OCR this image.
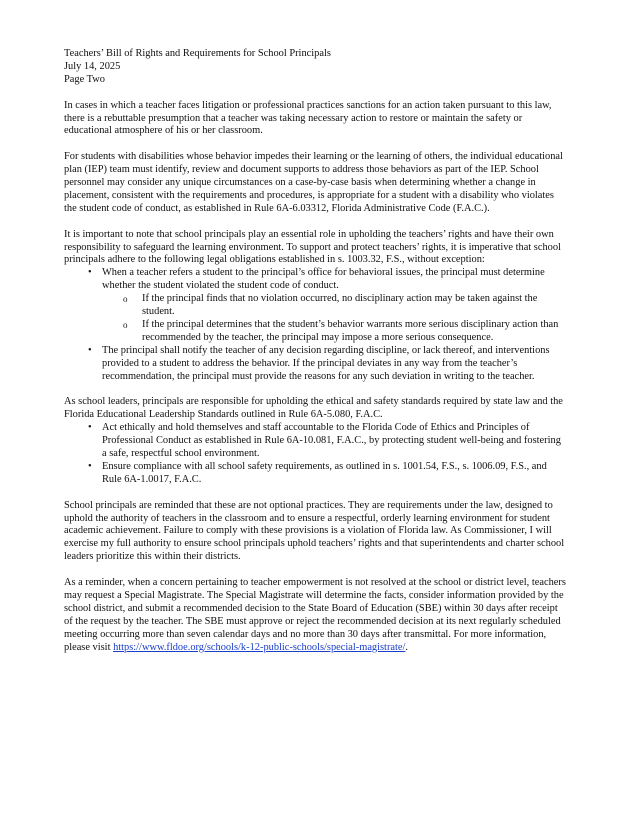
Teachers’ Bill of Rights and Requirements for School Principals
July 14, 2025
Page Two

In cases in which a teacher faces litigation or professional practices sanctions for an action taken pursuant to this law, there is a rebuttable presumption that a teacher was taking necessary action to restore or maintain the safety or educational atmosphere of his or her classroom.

For students with disabilities whose behavior impedes their learning or the learning of others, the individual educational plan (IEP) team must identify, review and document supports to address those behaviors as part of the IEP. School personnel may consider any unique circumstances on a case-by-case basis when determining whether a change in placement, consistent with the requirements and procedures, is appropriate for a student with a disability who violates the student code of conduct, as established in Rule 6A-6.03312, Florida Administrative Code (F.A.C.).

It is important to note that school principals play an essential role in upholding the teachers’ rights and have their own responsibility to safeguard the learning environment. To support and protect teachers’ rights, it is imperative that school principals adhere to the following legal obligations established in s. 1003.32, F.S., without exception:

• When a teacher refers a student to the principal’s office for behavioral issues, the principal must determine whether the student violated the student code of conduct.
o If the principal finds that no violation occurred, no disciplinary action may be taken against the student.
o If the principal determines that the student’s behavior warrants more serious disciplinary action than recommended by the teacher, the principal may impose a more serious consequence.
• The principal shall notify the teacher of any decision regarding discipline, or lack thereof, and interventions provided to a student to address the behavior. If the principal deviates in any way from the teacher’s recommendation, the principal must provide the reasons for any such deviation in writing to the teacher.

As school leaders, principals are responsible for upholding the ethical and safety standards required by state law and the Florida Educational Leadership Standards outlined in Rule 6A-5.080, F.A.C.

• Act ethically and hold themselves and staff accountable to the Florida Code of Ethics and Principles of Professional Conduct as established in Rule 6A-10.081, F.A.C., by protecting student well-being and fostering a safe, respectful school environment.
• Ensure compliance with all school safety requirements, as outlined in s. 1001.54, F.S., s. 1006.09, F.S., and Rule 6A-1.0017, F.A.C.

School principals are reminded that these are not optional practices. They are requirements under the law, designed to uphold the authority of teachers in the classroom and to ensure a respectful, orderly learning environment for student academic achievement. Failure to comply with these provisions is a violation of Florida law. As Commissioner, I will exercise my full authority to ensure school principals uphold teachers’ rights and that superintendents and charter school leaders prioritize this within their districts.

As a reminder, when a concern pertaining to teacher empowerment is not resolved at the school or district level, teachers may request a Special Magistrate. The Special Magistrate will determine the facts, consider information provided by the school district, and submit a recommended decision to the State Board of Education (SBE) within 30 days after receipt of the request by the teacher. The SBE must approve or reject the recommended decision at its next regularly scheduled meeting occurring more than seven calendar days and no more than 30 days after transmittal. For more information, please visit https://www.fldoe.org/schools/k-12-public-schools/special-magistrate/.
